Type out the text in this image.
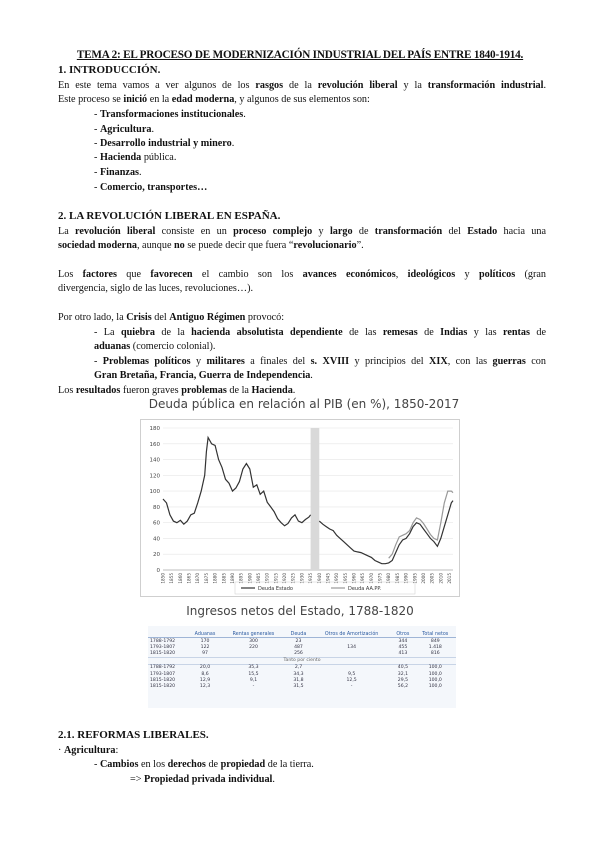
TEMA 2: EL PROCESO DE MODERNIZACIÓN INDUSTRIAL DEL PAÍS ENTRE 1840-1914.
1. INTRODUCCIÓN.
En este tema vamos a ver algunos de los rasgos de la revolución liberal y la transformación industrial.
Este proceso se inició en la edad moderna, y algunos de sus elementos son:
- Transformaciones institucionales.
- Agricultura.
- Desarrollo industrial y minero.
- Hacienda pública.
- Finanzas.
- Comercio, transportes…
2. LA REVOLUCIÓN LIBERAL EN ESPAÑA.
La revolución liberal consiste en un proceso complejo y largo de transformación del Estado hacia una
sociedad moderna, aunque no se puede decir que fuera “revolucionario”.
Los factores que favorecen el cambio son los avances económicos, ideológicos y políticos (gran
divergencia, siglo de las luces, revoluciones…).
Por otro lado, la Crisis del Antiguo Régimen provocó:
- La quiebra de la hacienda absolutista dependiente de las remesas de Indias y las rentas de
aduanas (comercio colonial).
- Problemas políticos y militares a finales del s. XVIII y principios del XIX, con las guerras con
Gran Bretaña, Francia, Guerra de Independencia.
Los resultados fueron graves problemas de la Hacienda.
Deuda pública en relación al PIB (en %), 1850-2017
0
20
40
60
80
100
120
140
160
180
1850 1855 1860 1865 1870 1875 1880 1885 1890 1895 1900 1905 1910 1915 1920 1925 1930 1935 1940 1945 1950 1955 1960 1965 1970 1975 1980 1985 1990 1995 2000 2005 2010 2015
Deuda Estado	Deuda AA.PP.
Ingresos netos del Estado, 1788-1820
	Aduanas	Rentas generales	Deuda	Otros de Amortización	Otros	Total netos
1788-1792	170	300	23		344	849
1793-1807	122	220	487	134	455	1.418
1815-1820	97		256		413	816
Tanto por ciento						
1788-1792	20,0	35,3	2,7		40,5	100,0
1793-1807	8,6	15,5	34,3	9,5	32,1	100,0
1815-1820	12,9	9,1	31,8	12,5	29,5	100,0
1815-1820	12,3	-	31,5	-	56,2	100,0
2.1. REFORMAS LIBERALES.
· Agricultura:
- Cambios en los derechos de propiedad de la tierra.
=> Propiedad privada individual.
